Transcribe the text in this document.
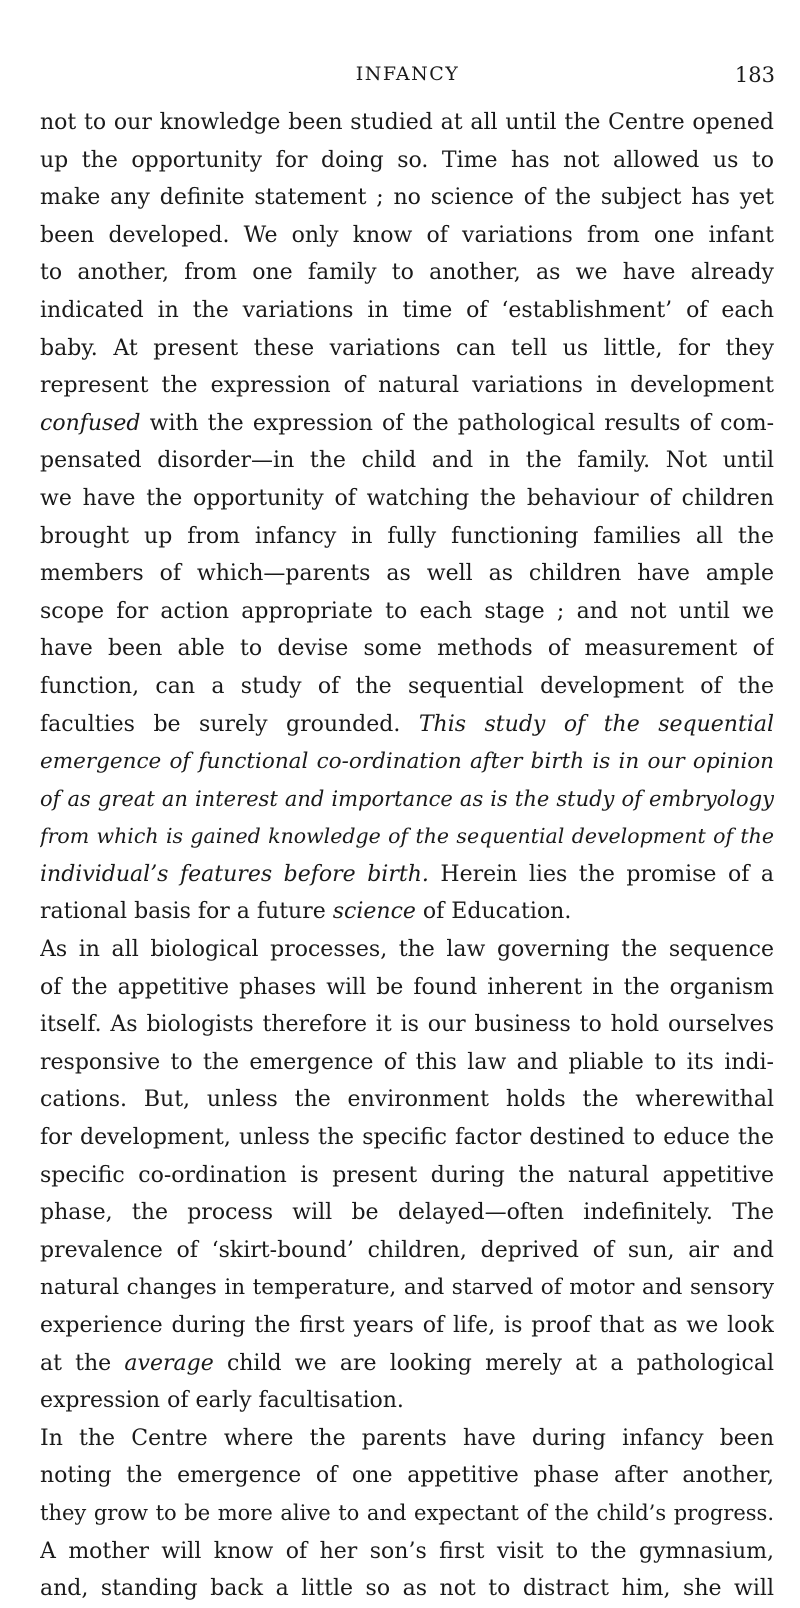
INFANCY	183
not to our knowledge been studied at all until the Centre opened
up the opportunity for doing so. Time has not allowed us to
make any definite statement ; no science of the subject has yet
been developed. We only know of variations from one infant
to another, from one family to another, as we have already
indicated in the variations in time of ‘establishment’ of each
baby. At present these variations can tell us little, for they
represent the expression of natural variations in development
confused with the expression of the pathological results of com-
pensated disorder—in the child and in the family. Not until
we have the opportunity of watching the behaviour of children
brought up from infancy in fully functioning families all the
members of which—parents as well as children have ample
scope for action appropriate to each stage ; and not until we
have been able to devise some methods of measurement of
function, can a study of the sequential development of the
faculties be surely grounded. This study of the sequential
emergence of functional co-ordination after birth is in our opinion
of as great an interest and importance as is the study of embryology
from which is gained knowledge of the sequential development of the
individual’s features before birth. Herein lies the promise of a
rational basis for a future science of Education.
As in all biological processes, the law governing the sequence
of the appetitive phases will be found inherent in the organism
itself. As biologists therefore it is our business to hold ourselves
responsive to the emergence of this law and pliable to its indi-
cations. But, unless the environment holds the wherewithal
for development, unless the specific factor destined to educe the
specific co-ordination is present during the natural appetitive
phase, the process will be delayed—often indefinitely. The
prevalence of ‘skirt-bound’ children, deprived of sun, air and
natural changes in temperature, and starved of motor and sensory
experience during the first years of life, is proof that as we look
at the average child we are looking merely at a pathological
expression of early facultisation.
In the Centre where the parents have during infancy been
noting the emergence of one appetitive phase after another,
they grow to be more alive to and expectant of the child’s progress.
A mother will know of her son’s first visit to the gymnasium,
and, standing back a little so as not to distract him, she will
